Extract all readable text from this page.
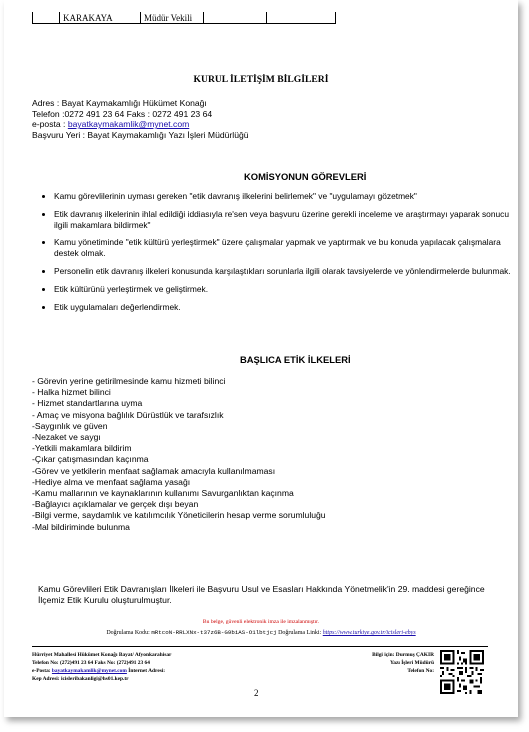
	KARAKAYA	Müdür Vekili		
KURUL İLETİŞİM BİLGİLERİ
Adres : Bayat Kaymakamlığı Hükümet Konağı
Telefon :0272 491 23 64 Faks : 0272 491 23 64
e-posta : bayatkaymakamlik@mynet.com
Başvuru Yeri : Bayat Kaymakamlığı Yazı İşleri Müdürlüğü
KOMİSYONUN GÖREVLERİ
• Kamu görevlilerinin uyması gereken "etik davranış ilkelerini belirlemek" ve "uygulamayı gözetmek"
• Etik davranış ilkelerinin ihlal edildiği iddiasıyla re'sen veya başvuru üzerine gerekli inceleme ve araştırmayı yaparak sonucu ilgili makamlara bildirmek"
• Kamu yönetiminde "etik kültürü yerleştirmek" üzere çalışmalar yapmak ve yaptırmak ve bu konuda yapılacak çalışmalara destek olmak.
• Personelin etik davranış ilkeleri konusunda karşılaştıkları sorunlarla ilgili olarak tavsiyelerde ve yönlendirmelerde bulunmak.
• Etik kültürünü yerleştirmek ve geliştirmek.
• Etik uygulamaları değerlendirmek.
BAŞLICA ETİK İLKELERİ
- Görevin yerine getirilmesinde kamu hizmeti bilinci
- Halka hizmet bilinci
- Hizmet standartlarına uyma
- Amaç ve misyona bağlılık Dürüstlük ve tarafsızlık
-Saygınlık ve güven
-Nezaket ve saygı
-Yetkili makamlara bildirim
-Çıkar çatışmasından kaçınma
-Görev ve yetkilerin menfaat sağlamak amacıyla kullanılmaması
-Hediye alma ve menfaat sağlama yasağı
-Kamu mallarının ve kaynaklarının kullanımı Savurganlıktan kaçınma
-Bağlayıcı açıklamalar ve gerçek dışı beyan
-Bilgi verme, saydamlık ve katılımcılık Yöneticilerin hesap verme sorumluluğu
-Mal bildiriminde bulunma
Kamu Görevlileri Etik Davranışları İlkeleri ile Başvuru Usul ve Esasları Hakkında Yönetmelik'in 29. maddesi gereğince İlçemiz Etik Kurulu oluşturulmuştur.
Bu belge, güvenli elektronik imza ile imzalanmıştır.
Doğrulama Kodu: mRtcoN-RRLXNx-t37z6B-G9biAS-O1lbtjcj Doğrulama Linki: https://www.turkiye.gov.tr/icisleri-ebys
Hürriyet Mahallesi Hükümet Konağı Bayat/ Afyonkarahisar
Telefon No: (272)491 23 64 Faks No: (272)491 23 64
e-Posta: bayatkaymakamlik@mynet.com İnternet Adresi:
Kep Adresi: icisleribakanligi@hs01.kep.tr
Bilgi için: Durmuş ÇAKIR
Yazı İşleri Müdürü
Telefon No:
2
